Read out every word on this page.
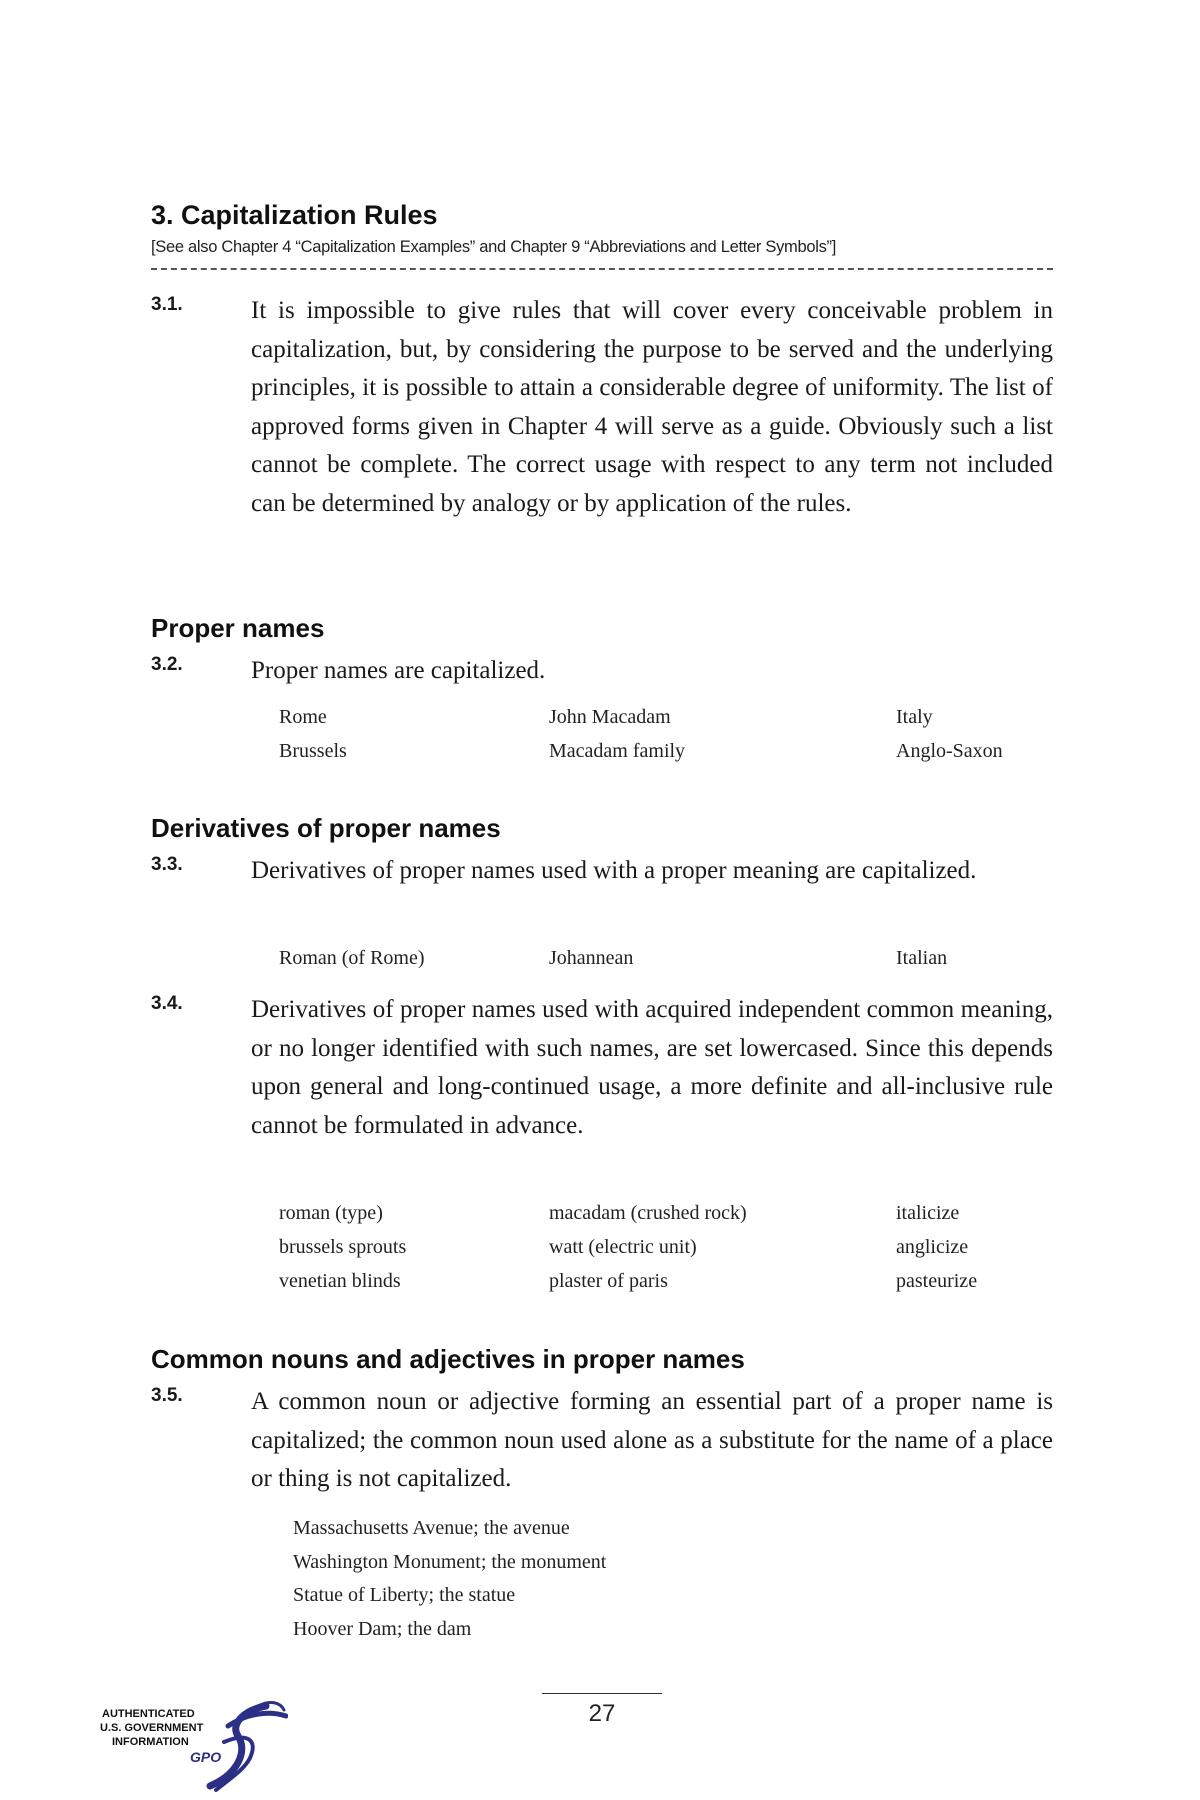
3. Capitalization Rules
[See also Chapter 4 “Capitalization Examples” and Chapter 9 “Abbreviations and Letter Symbols”]
3.1.	It is impossible to give rules that will cover every conceivable problem in capitalization, but, by considering the purpose to be served and the underlying principles, it is possible to attain a considerable degree of uniformity. The list of approved forms given in Chapter 4 will serve as a guide. Obviously such a list cannot be complete. The correct usage with respect to any term not included can be determined by analogy or by application of the rules.
Proper names
3.2.	Proper names are capitalized.
Rome	John Macadam	Italy
Brussels	Macadam family	Anglo-Saxon
Derivatives of proper names
3.3.	Derivatives of proper names used with a proper meaning are capitalized.
Roman (of Rome)	Johannean	Italian
3.4.	Derivatives of proper names used with acquired independent common meaning, or no longer identified with such names, are set lowercased. Since this depends upon general and long-continued usage, a more definite and all-inclusive rule cannot be formulated in advance.
roman (type)	macadam (crushed rock)	italicize
brussels sprouts	watt (electric unit)	anglicize
venetian blinds	plaster of paris	pasteurize
Common nouns and adjectives in proper names
3.5.	A common noun or adjective forming an essential part of a proper name is capitalized; the common noun used alone as a substitute for the name of a place or thing is not capitalized.
Massachusetts Avenue; the avenue
Washington Monument; the monument
Statue of Liberty; the statue
Hoover Dam; the dam
27
AUTHENTICATED
U.S. GOVERNMENT
INFORMATION
GPO
